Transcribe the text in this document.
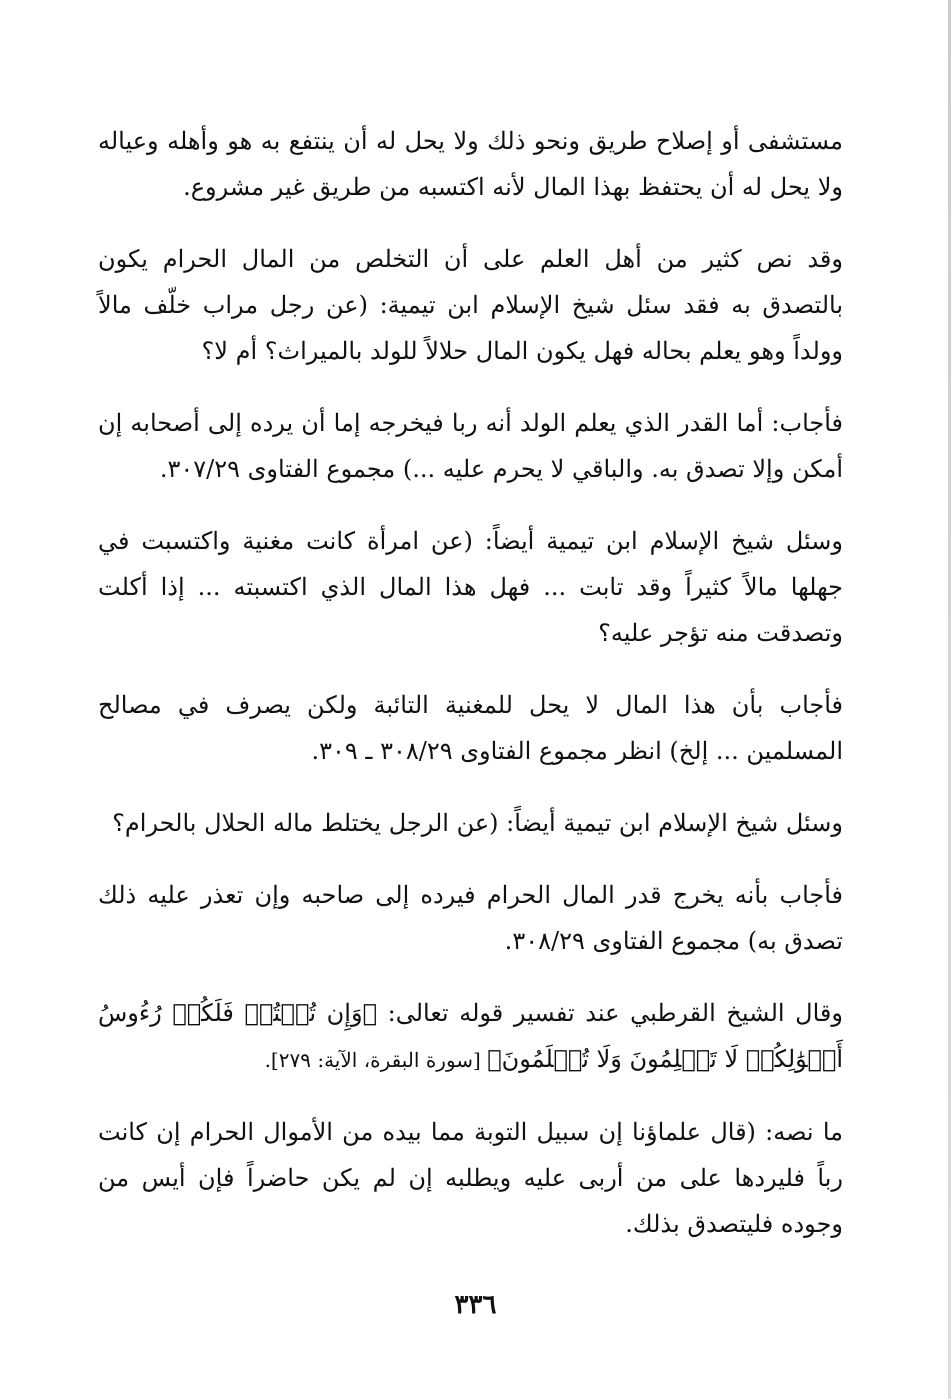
مستشفى أو إصلاح طريق ونحو ذلك ولا يحل له أن ينتفع به هو وأهله وعياله ولا يحل له أن يحتفظ بهذا المال لأنه اكتسبه من طريق غير مشروع.

وقد نص كثير من أهل العلم على أن التخلص من المال الحرام يكون بالتصدق به فقد سئل شيخ الإسلام ابن تيمية: (عن رجل مراب خلّف مالاً وولداً وهو يعلم بحاله فهل يكون المال حلالاً للولد بالميراث؟ أم لا؟

فأجاب: أما القدر الذي يعلم الولد أنه ربا فيخرجه إما أن يرده إلى أصحابه إن أمكن وإلا تصدق به. والباقي لا يحرم عليه ...) مجموع الفتاوى ٣٠٧/٢٩.

وسئل شيخ الإسلام ابن تيمية أيضاً: (عن امرأة كانت مغنية واكتسبت في جهلها مالاً كثيراً وقد تابت ... فهل هذا المال الذي اكتسبته ... إذا أكلت وتصدقت منه تؤجر عليه؟

فأجاب بأن هذا المال لا يحل للمغنية التائبة ولكن يصرف في مصالح المسلمين ... إلخ) انظر مجموع الفتاوى ٣٠٨/٢٩ ـ ٣٠٩.

وسئل شيخ الإسلام ابن تيمية أيضاً: (عن الرجل يختلط ماله الحلال بالحرام؟

فأجاب بأنه يخرج قدر المال الحرام فيرده إلى صاحبه وإن تعذر عليه ذلك تصدق به) مجموع الفتاوى ٣٠٨/٢٩.

وقال الشيخ القرطبي عند تفسير قوله تعالى: ﴿وَإِن تُبۡتُمۡ فَلَكُمۡ رُءُوسُ أَمۡوَٰلِكُمۡ لَا تَظۡلِمُونَ وَلَا تُظۡلَمُونَ﴾ [سورة البقرة، الآية: ٢٧٩].

ما نصه: (قال علماؤنا إن سبيل التوبة مما بيده من الأموال الحرام إن كانت رباً فليردها على من أربى عليه ويطلبه إن لم يكن حاضراً فإن أيس من وجوده فليتصدق بذلك.

٣٣٦
